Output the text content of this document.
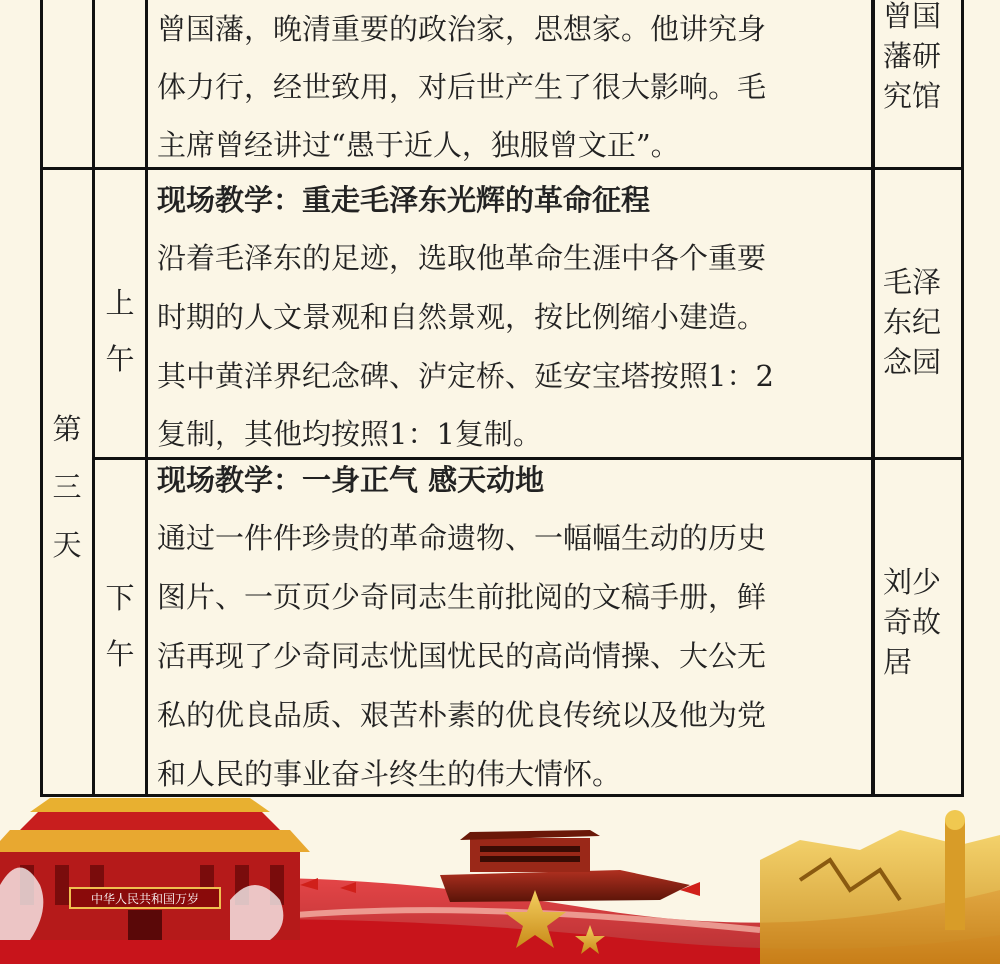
曾国藩，晚清重要的政治家，思想家。他讲究身
体力行，经世致用，对后世产生了很大影响。毛
主席曾经讲过“愚于近人，独服曾文正”。
曾国藩研究馆
第三天
上午
现场教学：重走毛泽东光辉的革命征程
沿着毛泽东的足迹，选取他革命生涯中各个重要
时期的人文景观和自然景观，按比例缩小建造。
其中黄洋界纪念碑、泸定桥、延安宝塔按照1：2
复制，其他均按照1：1复制。
毛泽东纪念园
下午
现场教学：一身正气 感天动地
通过一件件珍贵的革命遗物、一幅幅生动的历史
图片、一页页少奇同志生前批阅的文稿手册，鲜
活再现了少奇同志忧国忧民的高尚情操、大公无
私的优良品质、艰苦朴素的优良传统以及他为党
和人民的事业奋斗终生的伟大情怀。
刘少奇故居
中华人民共和国万岁
